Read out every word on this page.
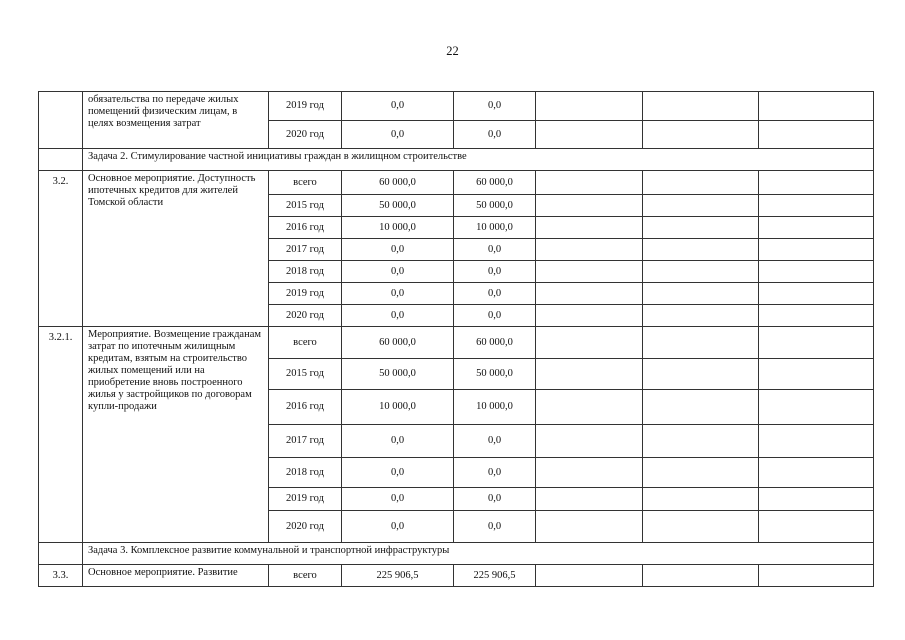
22
	обязательства по передаче жилых помещений физическим лицам, в целях возмещения затрат	2019 год	0,0	0,0			
		2020 год	0,0	0,0			
	Задача 2. Стимулирование частной инициативы граждан в жилищном строительстве						
3.2.	Основное мероприятие. Доступность ипотечных кредитов для жителей Томской области	всего	60 000,0	60 000,0			
		2015 год	50 000,0	50 000,0			
		2016 год	10 000,0	10 000,0			
		2017 год	0,0	0,0			
		2018 год	0,0	0,0			
		2019 год	0,0	0,0			
		2020 год	0,0	0,0			
3.2.1.	Мероприятие. Возмещение гражданам затрат по ипотечным жилищным кредитам, взятым на строительство жилых помещений или на приобретение вновь построенного жилья у застройщиков по договорам купли-продажи	всего	60 000,0	60 000,0			
		2015 год	50 000,0	50 000,0			
		2016 год	10 000,0	10 000,0			
		2017 год	0,0	0,0			
		2018 год	0,0	0,0			
		2019 год	0,0	0,0			
		2020 год	0,0	0,0			
	Задача 3. Комплексное развитие коммунальной и транспортной инфраструктуры						
3.3.	Основное мероприятие. Развитие	всего	225 906,5	225 906,5			
